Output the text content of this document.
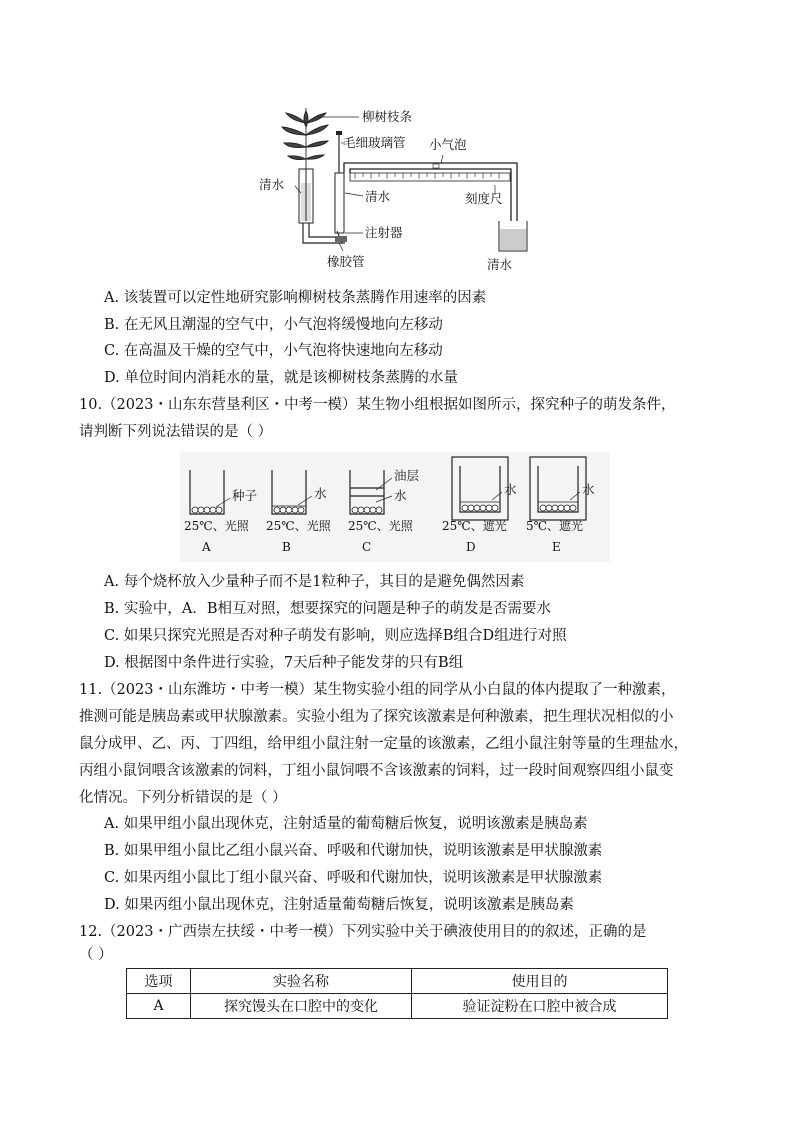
柳树枝条
毛细玻璃管 小气泡
清水
清水	刻度尺
注射器
橡胶管	清水
A. 该装置可以定性地研究影响柳树枝条蒸腾作用速率的因素
B. 在无风且潮湿的空气中，小气泡将缓慢地向左移动
C. 在高温及干燥的空气中，小气泡将快速地向左移动
D. 单位时间内消耗水的量，就是该柳树枝条蒸腾的水量
10.（2023・山东东营垦利区・中考一模）某生物小组根据如图所示，探究种子的萌发条件，
请判断下列说法错误的是（ ）
种子	水
油层
水	水	水
25℃、光照 25℃、光照 25℃、光照 25℃、遮光 5℃、遮光
A	B	C	D	E
A. 每个烧杯放入少量种子而不是1粒种子，其目的是避免偶然因素
B. 实验中，A．B相互对照，想要探究的问题是种子的萌发是否需要水
C. 如果只探究光照是否对种子萌发有影响，则应选择B组合D组进行对照
D. 根据图中条件进行实验，7天后种子能发芽的只有B组
11.（2023・山东潍坊・中考一模）某生物实验小组的同学从小白鼠的体内提取了一种激素，
推测可能是胰岛素或甲状腺激素。实验小组为了探究该激素是何种激素，把生理状况相似的小
鼠分成甲、乙、丙、丁四组，给甲组小鼠注射一定量的该激素，乙组小鼠注射等量的生理盐水，
丙组小鼠饲喂含该激素的饲料，丁组小鼠饲喂不含该激素的饲料，过一段时间观察四组小鼠变
化情况。下列分析错误的是（ ）
A. 如果甲组小鼠出现休克，注射适量的葡萄糖后恢复，说明该激素是胰岛素
B. 如果甲组小鼠比乙组小鼠兴奋、呼吸和代谢加快，说明该激素是甲状腺激素
C. 如果丙组小鼠比丁组小鼠兴奋、呼吸和代谢加快，说明该激素是甲状腺激素
D. 如果丙组小鼠出现休克，注射适量葡萄糖后恢复，说明该激素是胰岛素
12.（2023・广西崇左扶绥・中考一模）下列实验中关于碘液使用目的的叙述，正确的是
（ ）
选项	实验名称	使用目的
A	探究馒头在口腔中的变化	验证淀粉在口腔中被合成
